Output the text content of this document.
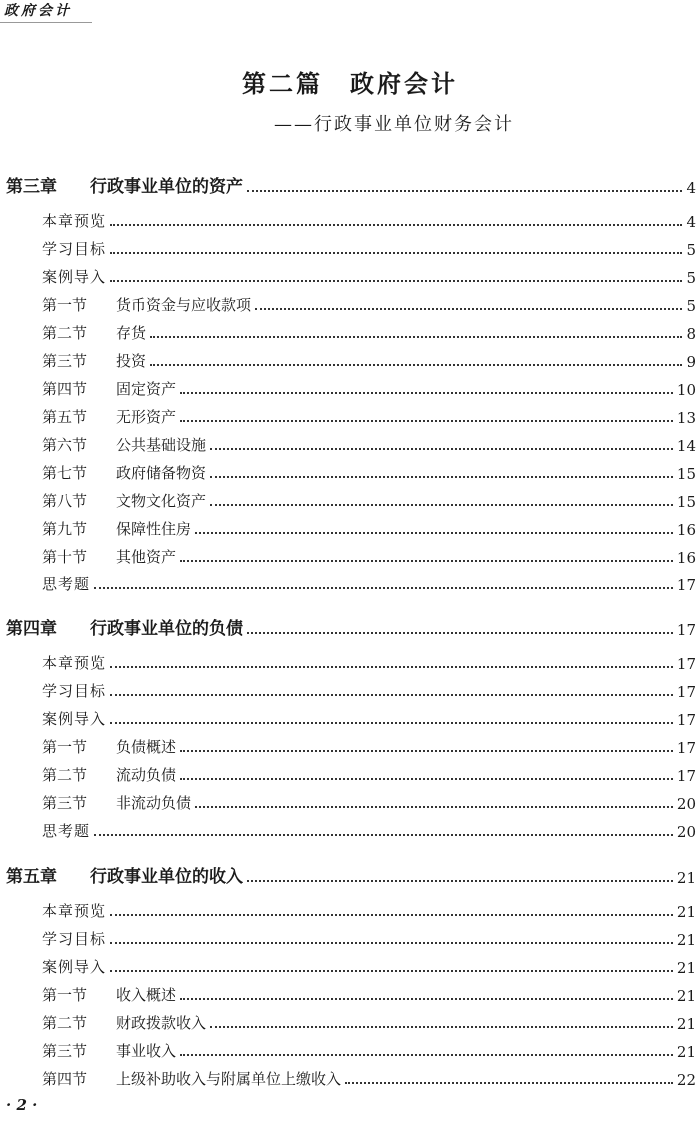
政府会计
第二篇　政府会计
——行政事业单位财务会计
第三章	行政事业单位的资产	4
本章预览	4
学习目标	5
案例导入	5
第一节	货币资金与应收款项	5
第二节	存货	8
第三节	投资	9
第四节	固定资产	10
第五节	无形资产	13
第六节	公共基础设施	14
第七节	政府储备物资	15
第八节	文物文化资产	15
第九节	保障性住房	16
第十节	其他资产	16
思考题	17
第四章	行政事业单位的负债	17
本章预览	17
学习目标	17
案例导入	17
第一节	负债概述	17
第二节	流动负债	17
第三节	非流动负债	20
思考题	20
第五章	行政事业单位的收入	21
本章预览	21
学习目标	21
案例导入	21
第一节	收入概述	21
第二节	财政拨款收入	21
第三节	事业收入	21
第四节	上级补助收入与附属单位上缴收入	22
· 2 ·
